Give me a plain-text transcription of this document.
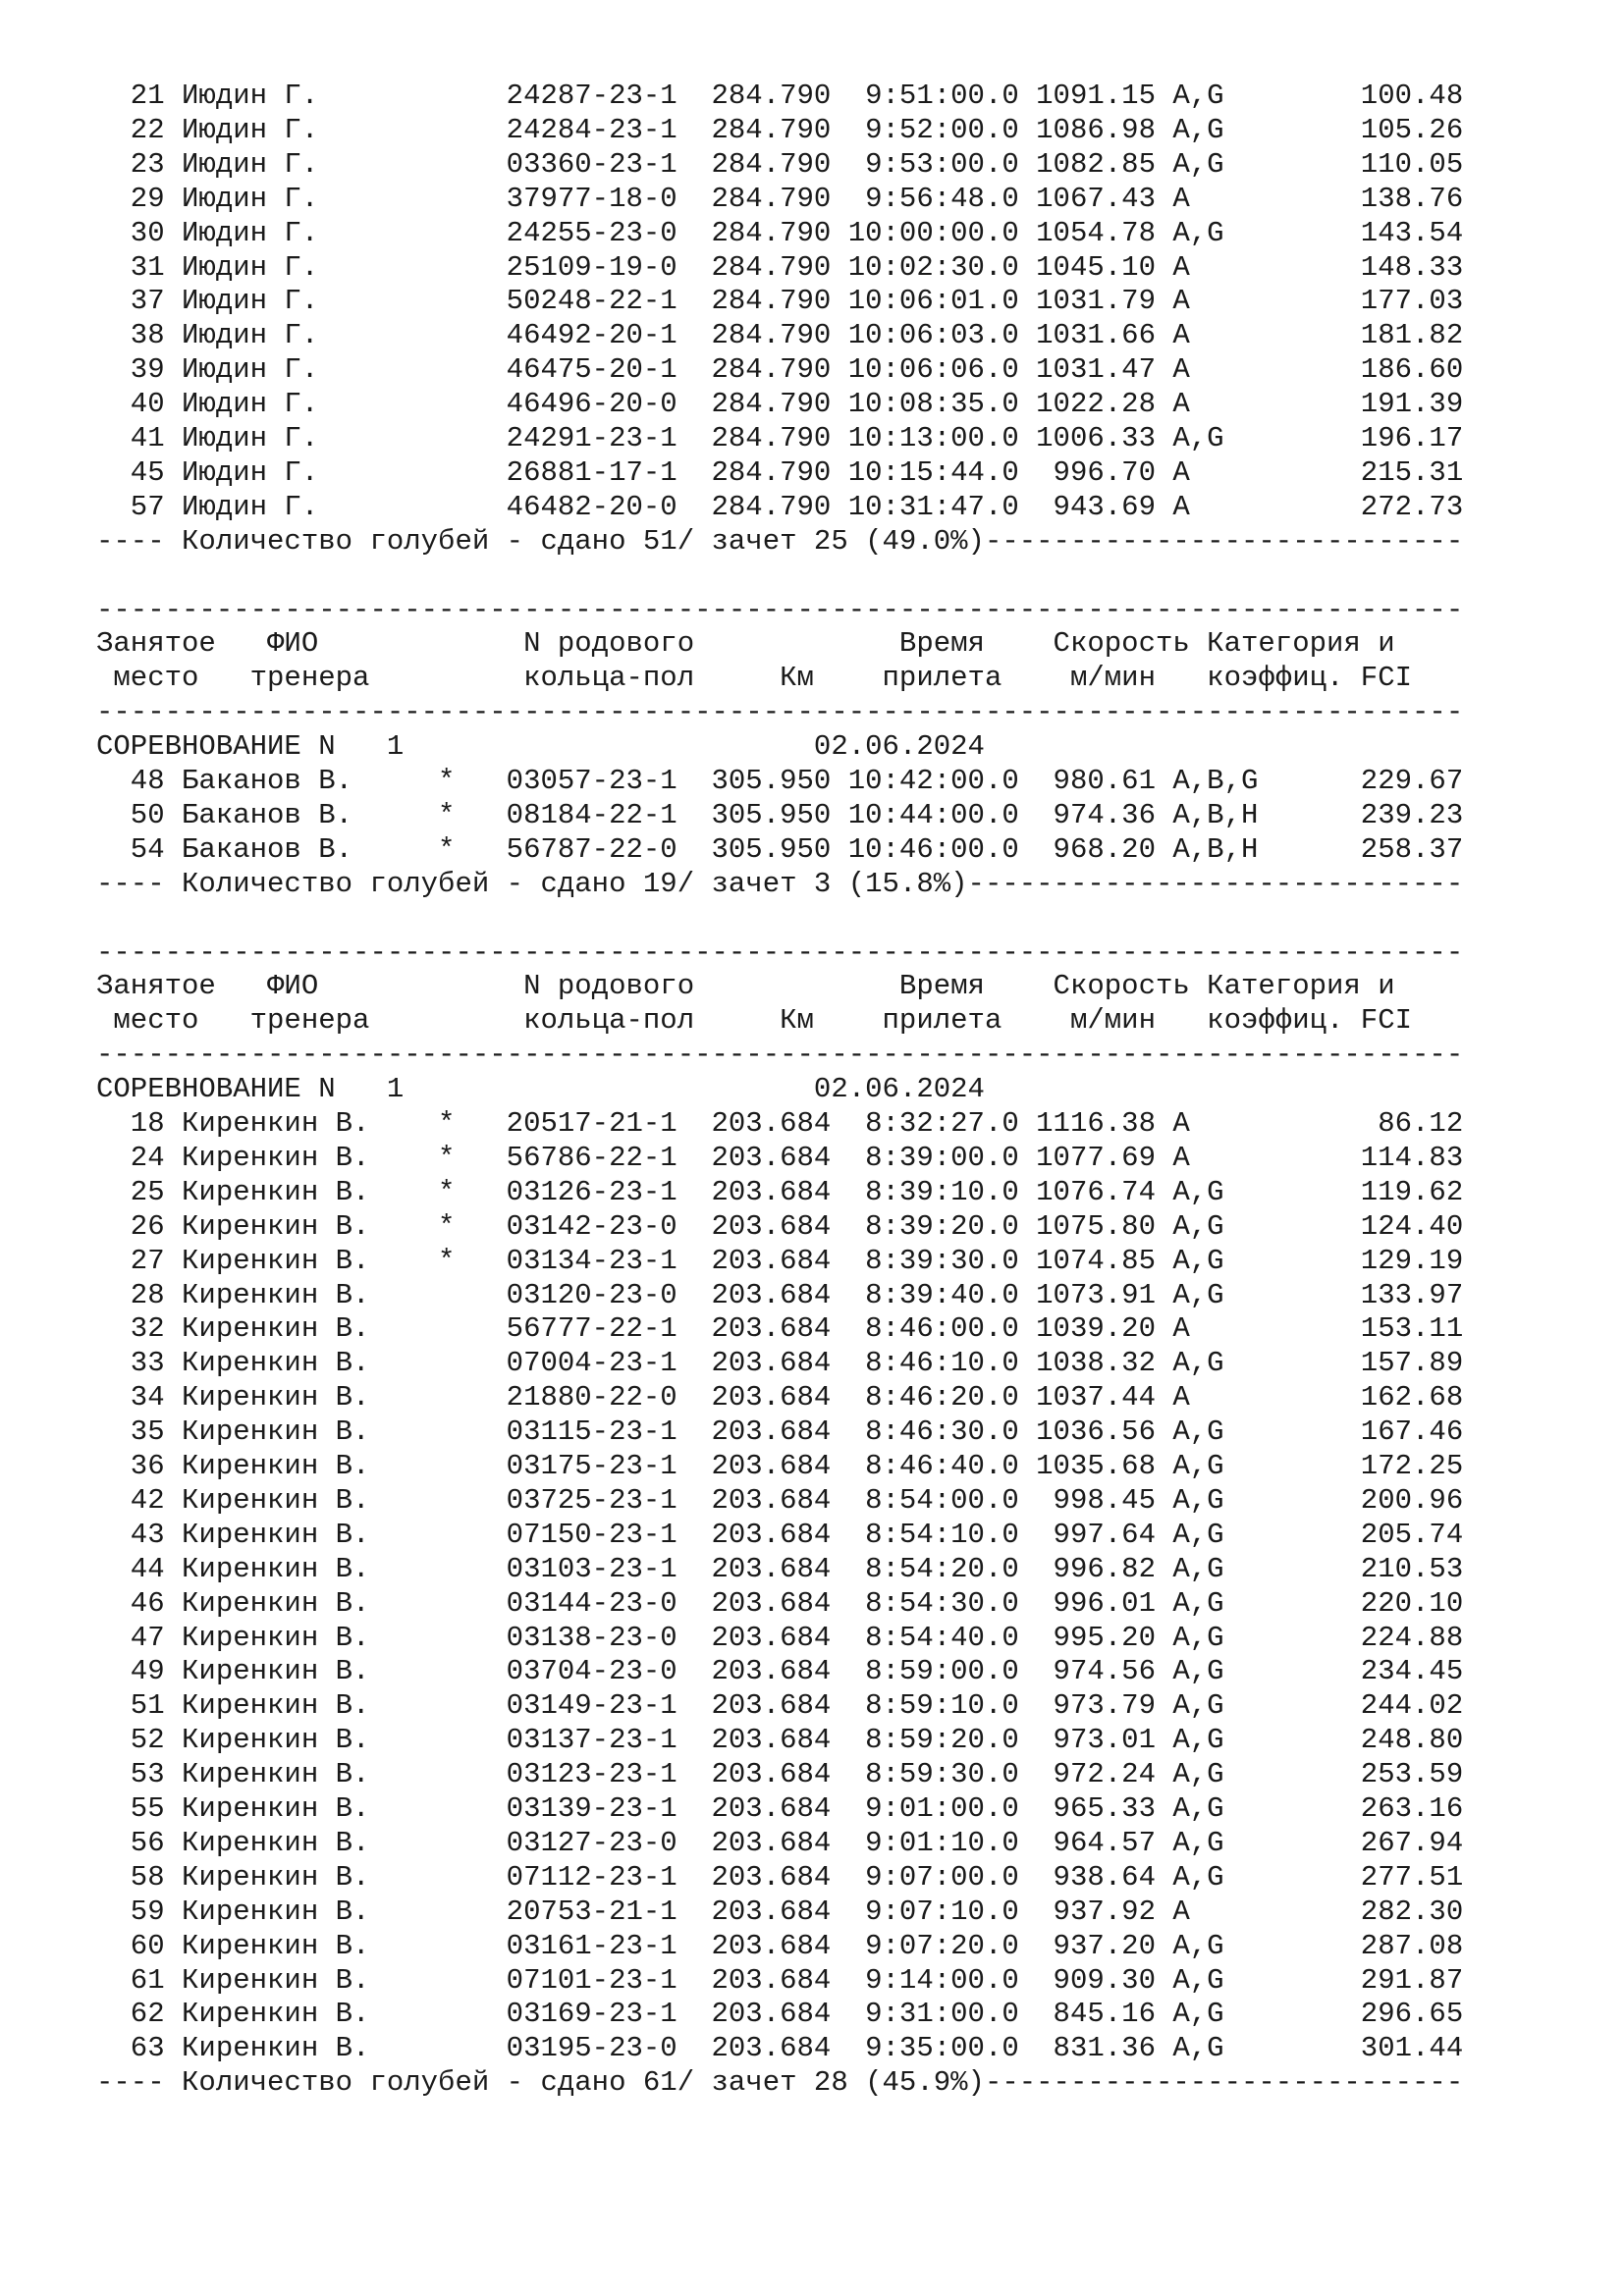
21 Июдин Г.           24287-23-1  284.790  9:51:00.0 1091.15 A,G        100.48
22 Июдин Г.           24284-23-1  284.790  9:52:00.0 1086.98 A,G        105.26
23 Июдин Г.           03360-23-1  284.790  9:53:00.0 1082.85 A,G        110.05
29 Июдин Г.           37977-18-0  284.790  9:56:48.0 1067.43 A          138.76
30 Июдин Г.           24255-23-0  284.790 10:00:00.0 1054.78 A,G        143.54
31 Июдин Г.           25109-19-0  284.790 10:02:30.0 1045.10 A          148.33
37 Июдин Г.           50248-22-1  284.790 10:06:01.0 1031.79 A          177.03
38 Июдин Г.           46492-20-1  284.790 10:06:03.0 1031.66 A          181.82
39 Июдин Г.           46475-20-1  284.790 10:06:06.0 1031.47 A          186.60
40 Июдин Г.           46496-20-0  284.790 10:08:35.0 1022.28 A          191.39
41 Июдин Г.           24291-23-1  284.790 10:13:00.0 1006.33 A,G        196.17
45 Июдин Г.           26881-17-1  284.790 10:15:44.0  996.70 A          215.31
57 Июдин Г.           46482-20-0  284.790 10:31:47.0  943.69 A          272.73
---- Количество голубей - сдано 51/ зачет 25 (49.0%)----------------------------
--------------------------------------------------------------------------------
Занятое   ФИО            N родового            Время    Скорость Категория и
место   тренера         кольца-пол     Км    прилета    м/мин   коэффиц. FCI
--------------------------------------------------------------------------------
СОРЕВНОВАНИЕ N   1                        02.06.2024
48 Баканов В.     *   03057-23-1  305.950 10:42:00.0  980.61 A,B,G      229.67
50 Баканов В.     *   08184-22-1  305.950 10:44:00.0  974.36 A,B,H      239.23
54 Баканов В.     *   56787-22-0  305.950 10:46:00.0  968.20 A,B,H      258.37
---- Количество голубей - сдано 19/ зачет 3 (15.8%)-----------------------------
--------------------------------------------------------------------------------
Занятое   ФИО            N родового            Время    Скорость Категория и
место   тренера         кольца-пол     Км    прилета    м/мин   коэффиц. FCI
--------------------------------------------------------------------------------
СОРЕВНОВАНИЕ N   1                        02.06.2024
18 Киренкин В.    *   20517-21-1  203.684  8:32:27.0 1116.38 A           86.12
24 Киренкин В.    *   56786-22-1  203.684  8:39:00.0 1077.69 A          114.83
25 Киренкин В.    *   03126-23-1  203.684  8:39:10.0 1076.74 A,G        119.62
26 Киренкин В.    *   03142-23-0  203.684  8:39:20.0 1075.80 A,G        124.40
27 Киренкин В.    *   03134-23-1  203.684  8:39:30.0 1074.85 A,G        129.19
28 Киренкин В.        03120-23-0  203.684  8:39:40.0 1073.91 A,G        133.97
32 Киренкин В.        56777-22-1  203.684  8:46:00.0 1039.20 A          153.11
33 Киренкин В.        07004-23-1  203.684  8:46:10.0 1038.32 A,G        157.89
34 Киренкин В.        21880-22-0  203.684  8:46:20.0 1037.44 A          162.68
35 Киренкин В.        03115-23-1  203.684  8:46:30.0 1036.56 A,G        167.46
36 Киренкин В.        03175-23-1  203.684  8:46:40.0 1035.68 A,G        172.25
42 Киренкин В.        03725-23-1  203.684  8:54:00.0  998.45 A,G        200.96
43 Киренкин В.        07150-23-1  203.684  8:54:10.0  997.64 A,G        205.74
44 Киренкин В.        03103-23-1  203.684  8:54:20.0  996.82 A,G        210.53
46 Киренкин В.        03144-23-0  203.684  8:54:30.0  996.01 A,G        220.10
47 Киренкин В.        03138-23-0  203.684  8:54:40.0  995.20 A,G        224.88
49 Киренкин В.        03704-23-0  203.684  8:59:00.0  974.56 A,G        234.45
51 Киренкин В.        03149-23-1  203.684  8:59:10.0  973.79 A,G        244.02
52 Киренкин В.        03137-23-1  203.684  8:59:20.0  973.01 A,G        248.80
53 Киренкин В.        03123-23-1  203.684  8:59:30.0  972.24 A,G        253.59
55 Киренкин В.        03139-23-1  203.684  9:01:00.0  965.33 A,G        263.16
56 Киренкин В.        03127-23-0  203.684  9:01:10.0  964.57 A,G        267.94
58 Киренкин В.        07112-23-1  203.684  9:07:00.0  938.64 A,G        277.51
59 Киренкин В.        20753-21-1  203.684  9:07:10.0  937.92 A          282.30
60 Киренкин В.        03161-23-1  203.684  9:07:20.0  937.20 A,G        287.08
61 Киренкин В.        07101-23-1  203.684  9:14:00.0  909.30 A,G        291.87
62 Киренкин В.        03169-23-1  203.684  9:31:00.0  845.16 A,G        296.65
63 Киренкин В.        03195-23-0  203.684  9:35:00.0  831.36 A,G        301.44
---- Количество голубей - сдано 61/ зачет 28 (45.9%)----------------------------
